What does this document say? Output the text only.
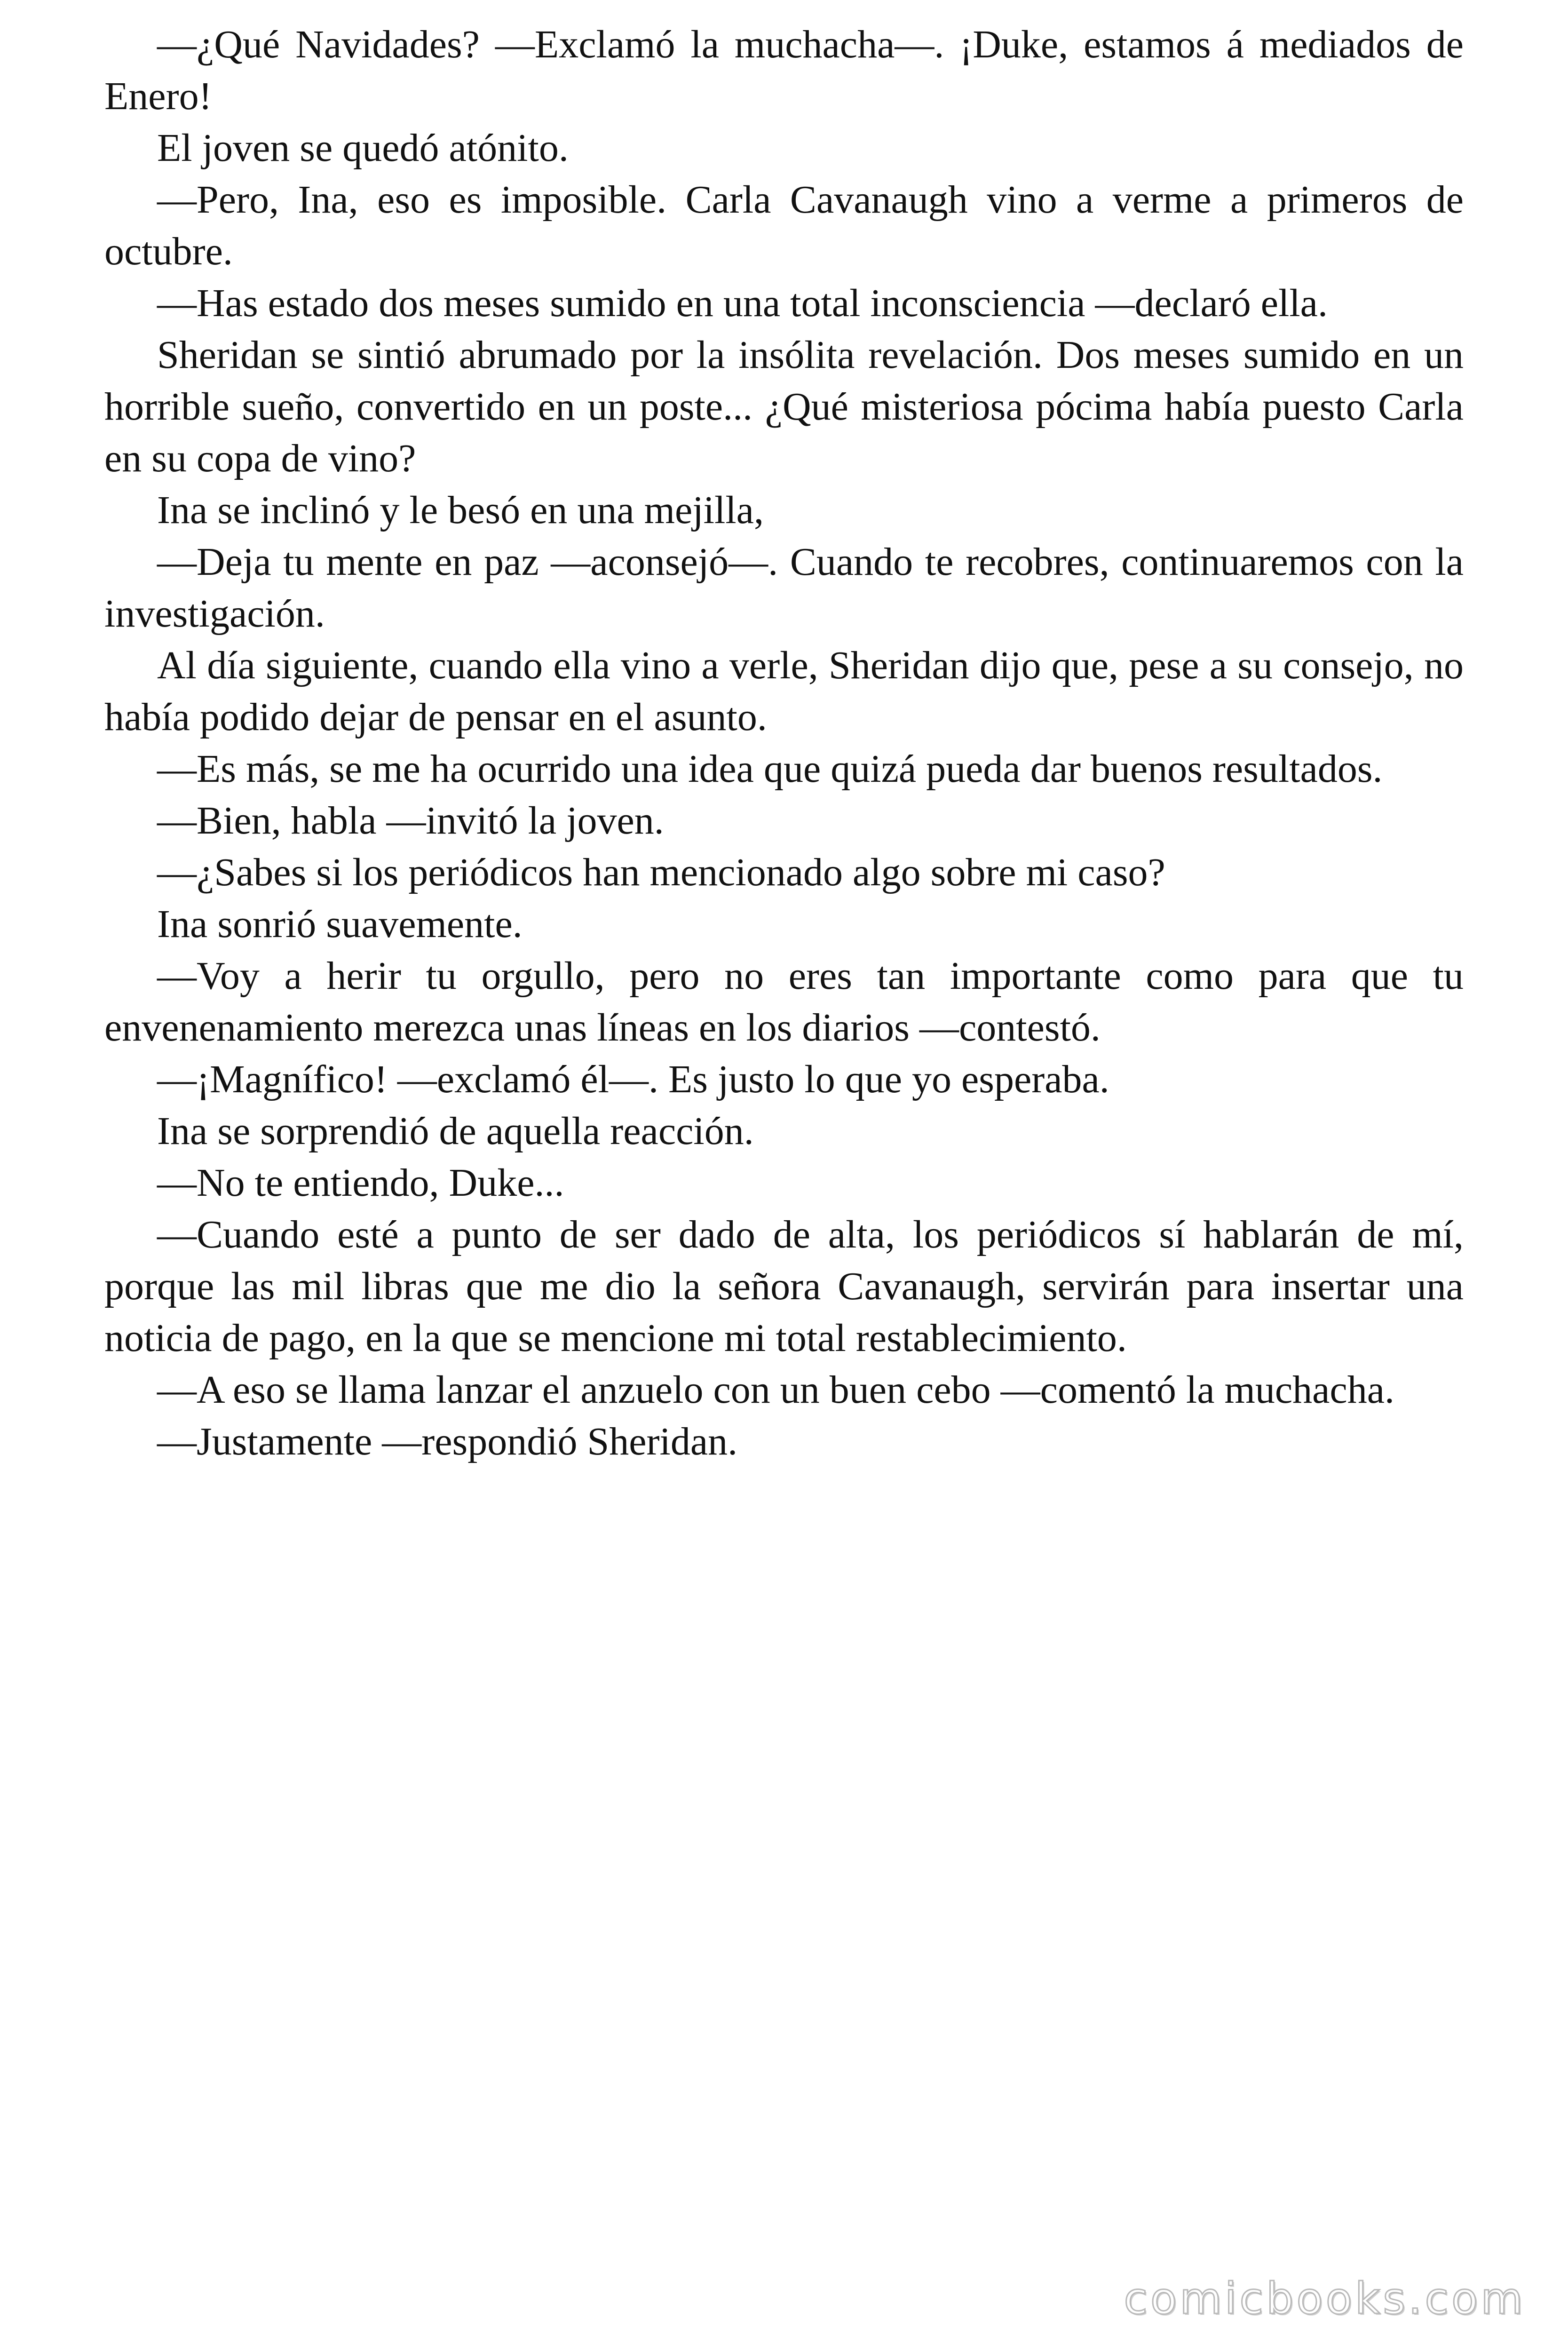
—¿Qué Navidades? —Exclamó la muchacha—. ¡Duke, estamos á mediados de Enero!

El joven se quedó atónito.

—Pero, Ina, eso es imposible. Carla Cavanaugh vino a verme a primeros de octubre.

—Has estado dos meses sumido en una total inconsciencia —declaró ella.

Sheridan se sintió abrumado por la insólita revelación. Dos meses sumido en un horrible sueño, convertido en un poste... ¿Qué misteriosa pócima había puesto Carla en su copa de vino?

Ina se inclinó y le besó en una mejilla,

—Deja tu mente en paz —aconsejó—. Cuando te recobres, continuaremos con la investigación.

Al día siguiente, cuando ella vino a verle, Sheridan dijo que, pese a su consejo, no había podido dejar de pensar en el asunto.

—Es más, se me ha ocurrido una idea que quizá pueda dar buenos resultados.

—Bien, habla —invitó la joven.

—¿Sabes si los periódicos han mencionado algo sobre mi caso?

Ina sonrió suavemente.

—Voy a herir tu orgullo, pero no eres tan importante como para que tu envenenamiento merezca unas líneas en los diarios —contestó.

—¡Magnífico! —exclamó él—. Es justo lo que yo esperaba.

Ina se sorprendió de aquella reacción.

—No te entiendo, Duke...

—Cuando esté a punto de ser dado de alta, los periódicos sí hablarán de mí, porque las mil libras que me dio la señora Cavanaugh, servirán para insertar una noticia de pago, en la que se mencione mi total restablecimiento.

—A eso se llama lanzar el anzuelo con un buen cebo —comentó la muchacha.

—Justamente —respondió Sheridan.

comicbooks.com
